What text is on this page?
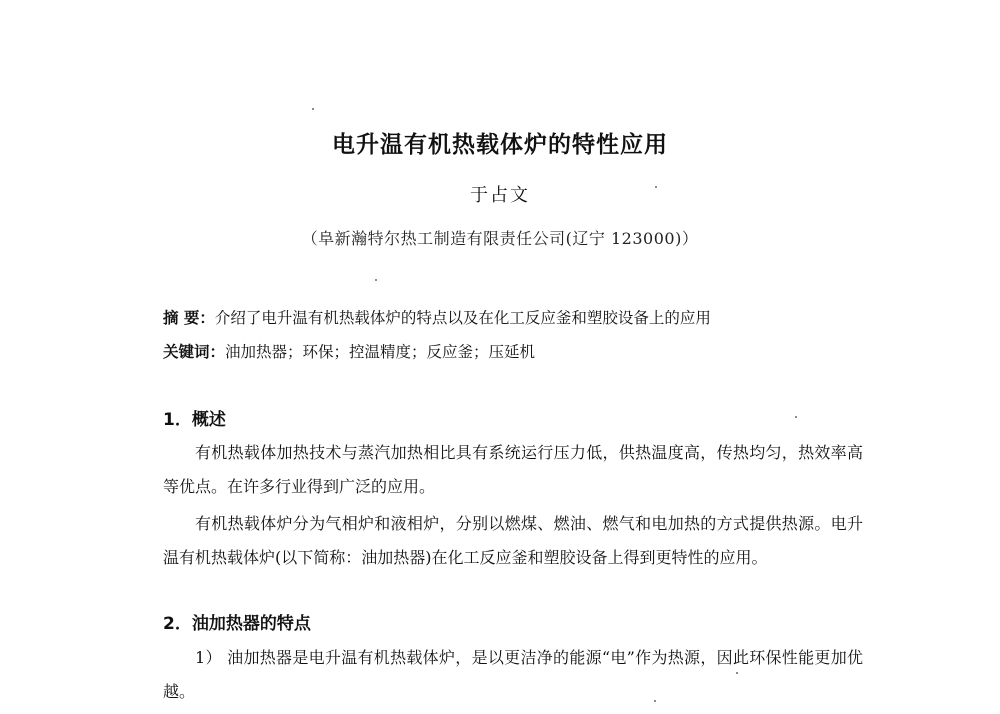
电升温有机热载体炉的特性应用
于占文
（阜新瀚特尔热工制造有限责任公司(辽宁 123000)）
摘 要：介绍了电升温有机热载体炉的特点以及在化工反应釜和塑胶设备上的应用
关键词：油加热器；环保；控温精度；反应釜；压延机
1．概述

有机热载体加热技术与蒸汽加热相比具有系统运行压力低，供热温度高，传热均匀，热效率高等优点。在许多行业得到广泛的应用。

有机热载体炉分为气相炉和液相炉，分别以燃煤、燃油、燃气和电加热的方式提供热源。电升温有机热载体炉(以下简称：油加热器)在化工反应釜和塑胶设备上得到更特性的应用。

2．油加热器的特点

1） 油加热器是电升温有机热载体炉，是以更洁净的能源“电”作为热源，因此环保性能更加优越。
